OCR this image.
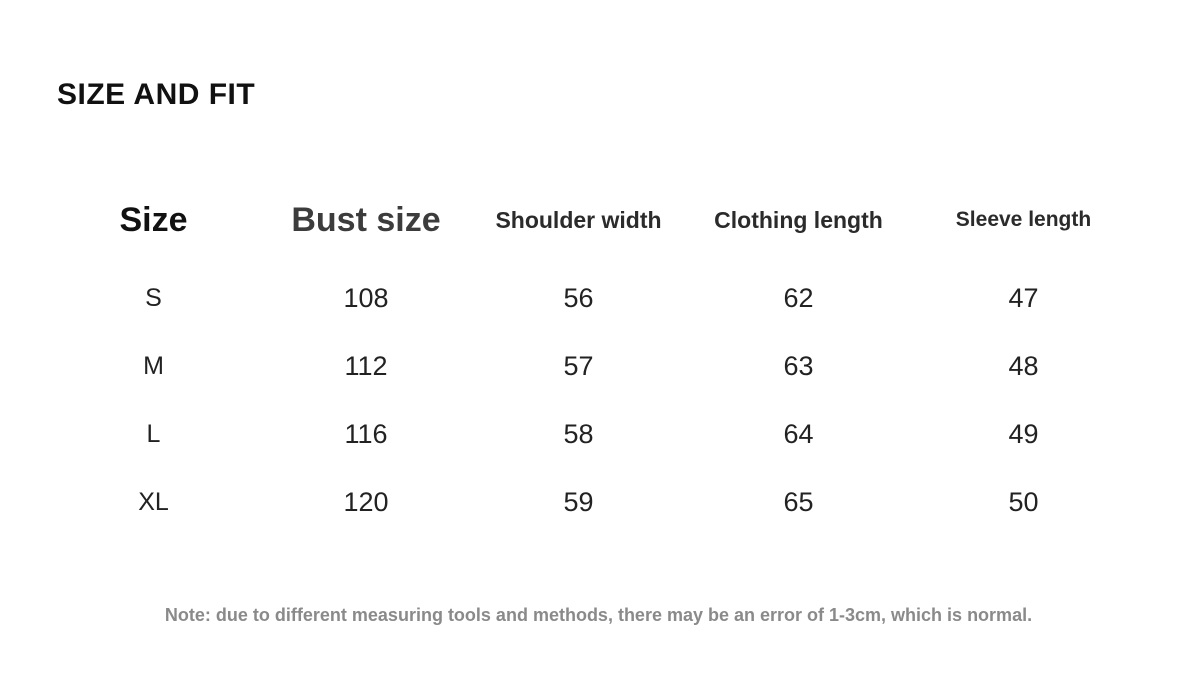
SIZE AND FIT
Size	Bust size	Shoulder width	Clothing length	Sleeve length
S	108	56	62	47
M	112	57	63	48
L	116	58	64	49
XL	120	59	65	50
Note: due to different measuring tools and methods, there may be an error of 1-3cm, which is normal.
